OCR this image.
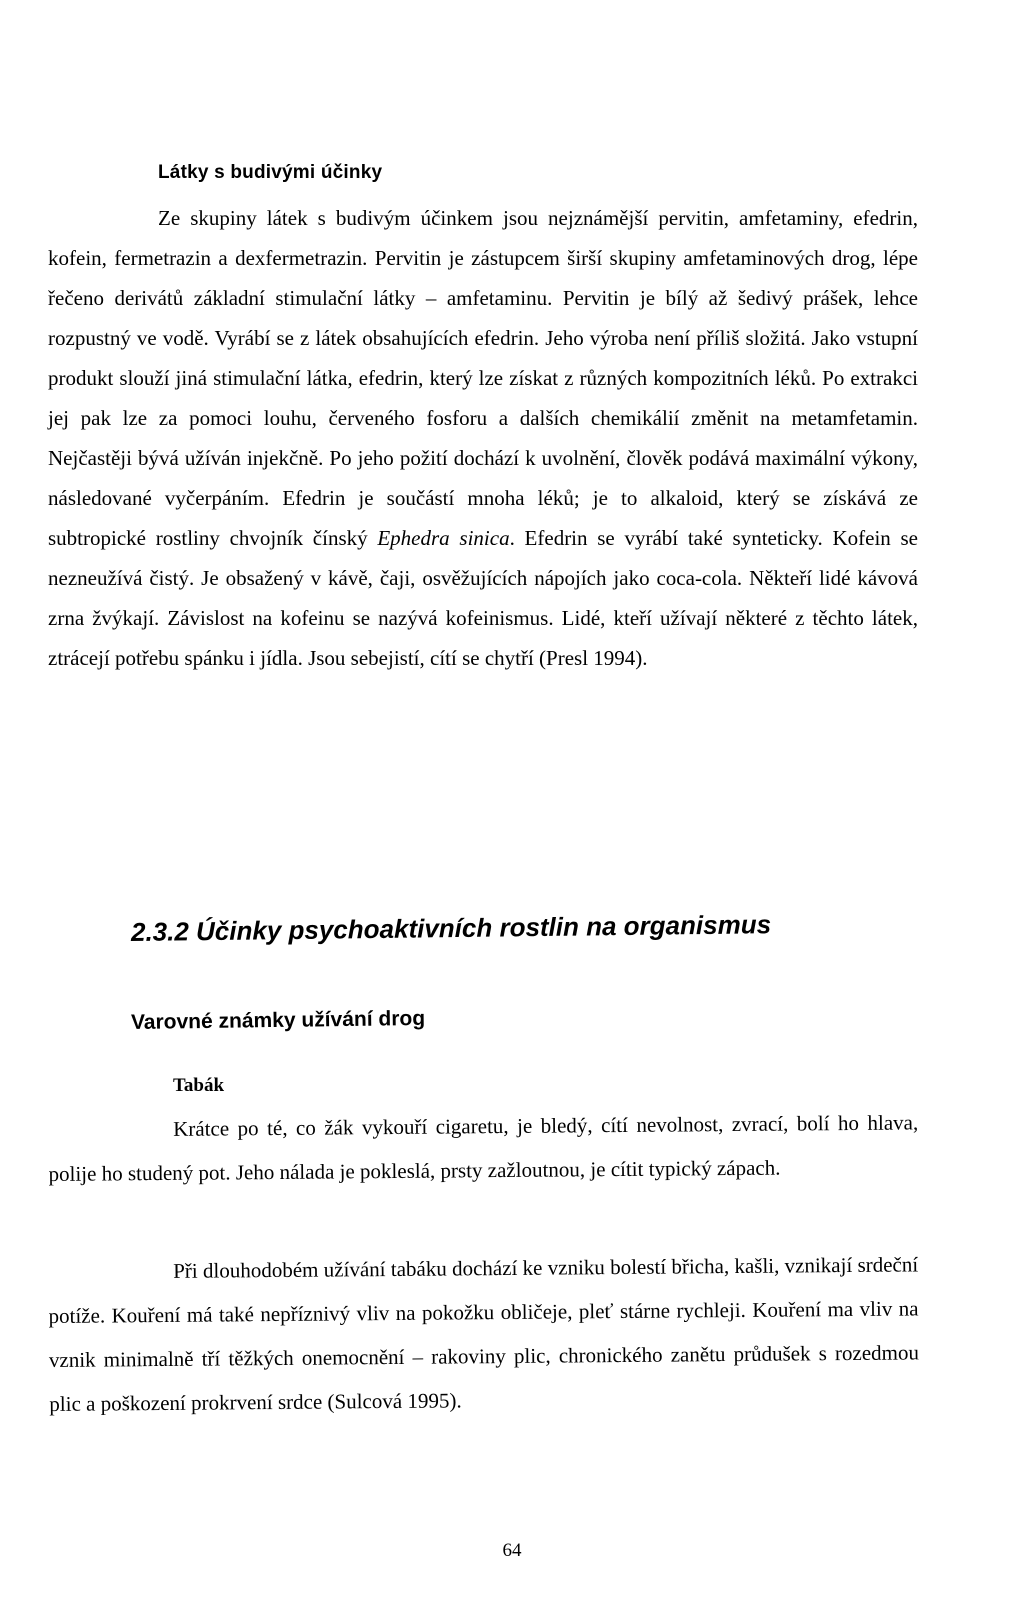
Látky s budivými účinky

Ze skupiny látek s budivým účinkem jsou nejznámější pervitin, amfetaminy, efedrin, kofein, fermetrazin a dexfermetrazin. Pervitin je zástupcem širší skupiny amfetaminových drog, lépe řečeno derivátů základní stimulační látky – amfetaminu. Pervitin je bílý až šedivý prášek, lehce rozpustný ve vodě. Vyrábí se z látek obsahujících efedrin. Jeho výroba není příliš složitá. Jako vstupní produkt slouží jiná stimulační látka, efedrin, který lze získat z různých kompozitních léků. Po extrakci jej pak lze za pomoci louhu, červeného fosforu a dalších chemikálií změnit na metamfetamin. Nejčastěji bývá užíván injekčně. Po jeho požití dochází k uvolnění, člověk podává maximální výkony, následované vyčerpáním. Efedrin je součástí mnoha léků; je to alkaloid, který se získává ze subtropické rostliny chvojník čínský Ephedra sinica. Efedrin se vyrábí také synteticky. Kofein se nezneužívá čistý. Je obsažený v kávě, čaji, osvěžujících nápojích jako coca-cola. Někteří lidé kávová zrna žvýkají. Závislost na kofeinu se nazývá kofeinismus. Lidé, kteří užívají některé z těchto látek, ztrácejí potřebu spánku i jídla. Jsou sebejistí, cítí se chytří (Presl 1994).

2.3.2 Účinky psychoaktivních rostlin na organismus
Varovné známky užívání drog
Tabák

Krátce po té, co žák vykouří cigaretu, je bledý, cítí nevolnost, zvrací, bolí ho hlava, polije ho studený pot. Jeho nálada je pokleslá, prsty zažloutnou, je cítit typický zápach.

Při dlouhodobém užívání tabáku dochází ke vzniku bolestí břicha, kašli, vznikají srdeční potíže. Kouření má také nepříznivý vliv na pokožku obličeje, pleť stárne rychleji. Kouření ma vliv na vznik minimalně tří těžkých onemocnění – rakoviny plic, chronického zanětu průdušek s rozedmou plic a poškození prokrvení srdce (Sulcová 1995).

64
